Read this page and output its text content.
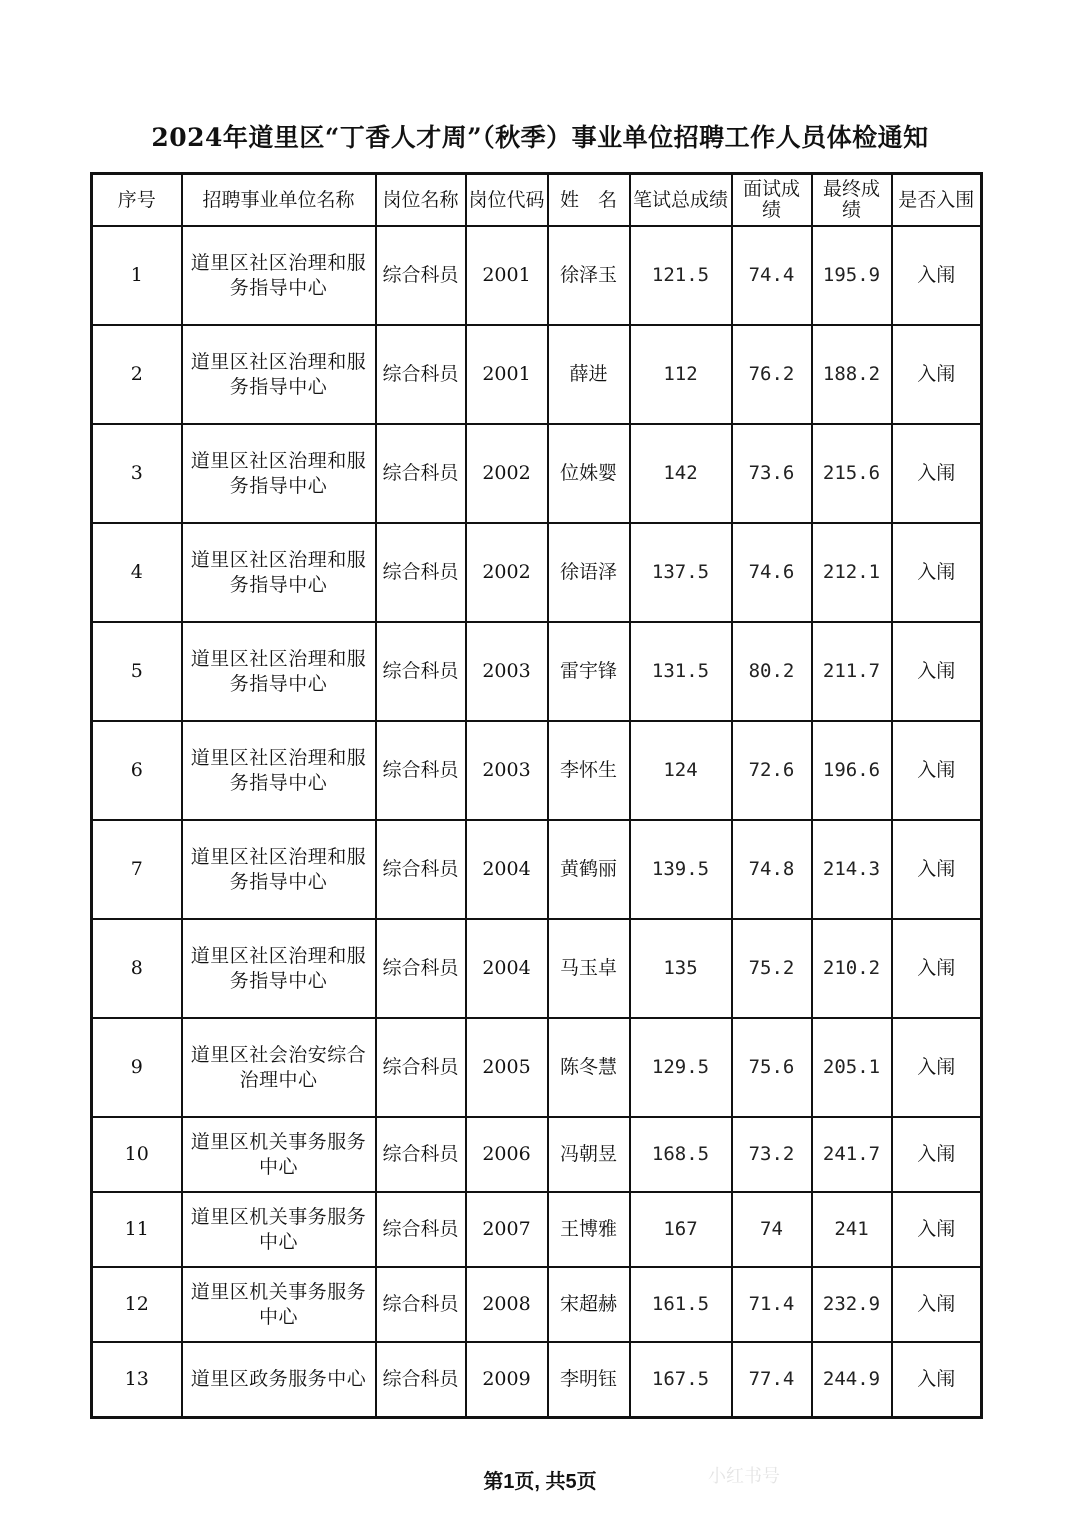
2024年道里区“丁香人才周”（秋季）事业单位招聘工作人员体检通知
序号	招聘事业单位名称	岗位名称	岗位代码	姓　名	笔试总成绩	面试成绩	最终成绩	是否入围
1	道里区社区治理和服务指导中心	综合科员	2001	徐泽玉	121.5	74.4	195.9	入闱
2	道里区社区治理和服务指导中心	综合科员	2001	薛进	112	76.2	188.2	入闱
3	道里区社区治理和服务指导中心	综合科员	2002	位姝婴	142	73.6	215.6	入闱
4	道里区社区治理和服务指导中心	综合科员	2002	徐语泽	137.5	74.6	212.1	入闱
5	道里区社区治理和服务指导中心	综合科员	2003	雷宇锋	131.5	80.2	211.7	入闱
6	道里区社区治理和服务指导中心	综合科员	2003	李怀生	124	72.6	196.6	入闱
7	道里区社区治理和服务指导中心	综合科员	2004	黄鹤丽	139.5	74.8	214.3	入闱
8	道里区社区治理和服务指导中心	综合科员	2004	马玉卓	135	75.2	210.2	入闱
9	道里区社会治安综合治理中心	综合科员	2005	陈冬慧	129.5	75.6	205.1	入闱
10	道里区机关事务服务中心	综合科员	2006	冯朝昱	168.5	73.2	241.7	入闱
11	道里区机关事务服务中心	综合科员	2007	王博雅	167	74	241	入闱
12	道里区机关事务服务中心	综合科员	2008	宋超赫	161.5	71.4	232.9	入闱
13	道里区政务服务中心	综合科员	2009	李明钰	167.5	77.4	244.9	入闱
第1页, 共5页	小红书号
